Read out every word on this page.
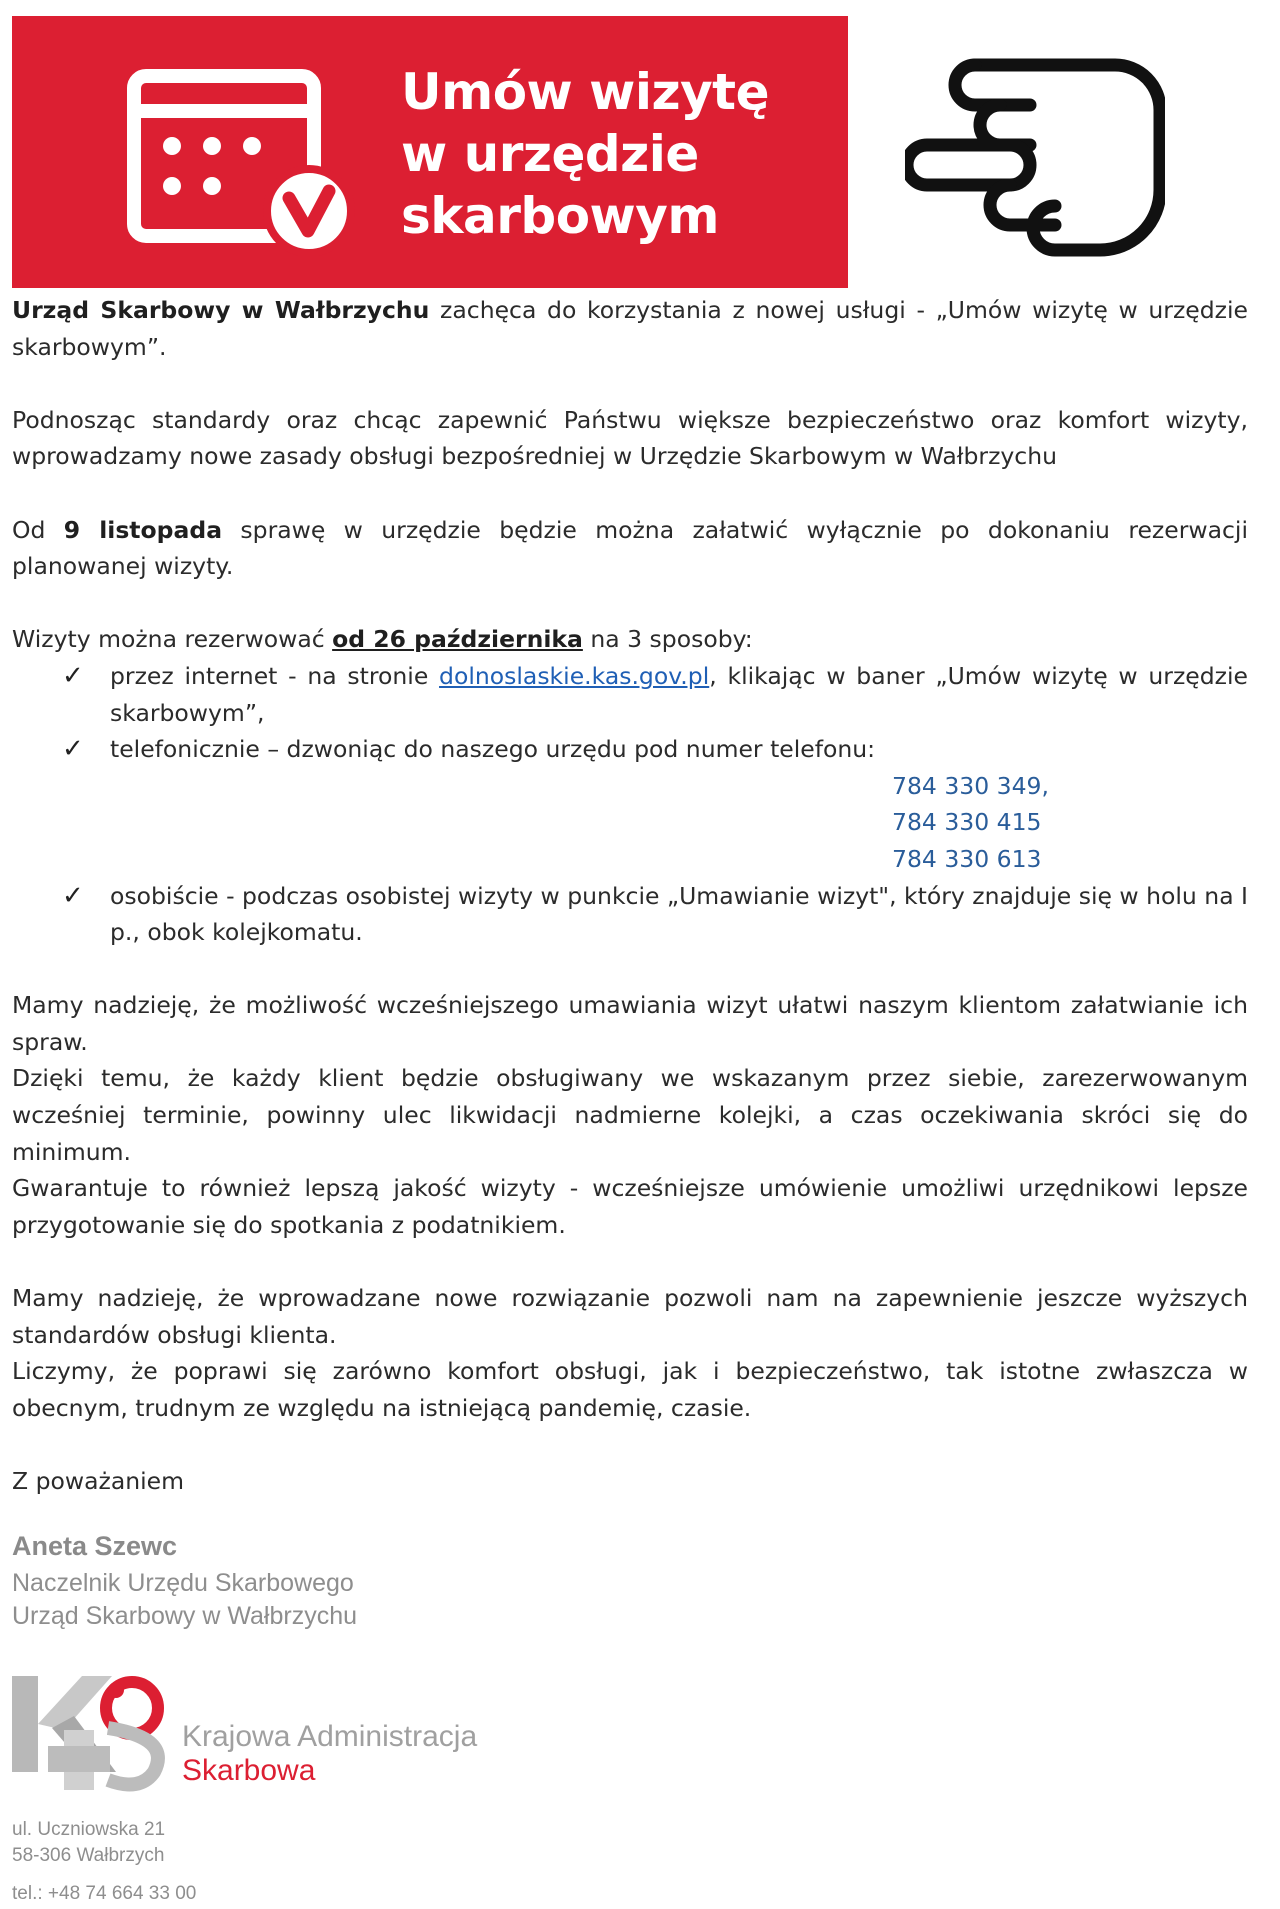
Umów wizytę
w urzędzie
skarbowym

Urząd Skarbowy w Wałbrzychu zachęca do korzystania z nowej usługi - „Umów wizytę w urzędzie skarbowym”.

Podnosząc standardy oraz chcąc zapewnić Państwu większe bezpieczeństwo oraz komfort wizyty, wprowadzamy nowe zasady obsługi bezpośredniej w Urzędzie Skarbowym w Wałbrzychu

Od 9 listopada sprawę w urzędzie będzie można załatwić wyłącznie po dokonaniu rezerwacji planowanej wizyty.

Wizyty można rezerwować od 26 października na 3 sposoby:

✓ przez internet - na stronie dolnoslaskie.kas.gov.pl, klikając w baner „Umów wizytę w urzędzie skarbowym”,
✓ telefonicznie – dzwoniąc do naszego urzędu pod numer telefonu:
784 330 349,
784 330 415
784 330 613
✓ osobiście - podczas osobistej wizyty w punkcie „Umawianie wizyt", który znajduje się w holu na I p., obok kolejkomatu.

Mamy nadzieję, że możliwość wcześniejszego umawiania wizyt ułatwi naszym klientom załatwianie ich spraw.

Dzięki temu, że każdy klient będzie obsługiwany we wskazanym przez siebie, zarezerwowanym wcześniej terminie, powinny ulec likwidacji nadmierne kolejki, a czas oczekiwania skróci się do minimum.

Gwarantuje to również lepszą jakość wizyty - wcześniejsze umówienie umożliwi urzędnikowi lepsze przygotowanie się do spotkania z podatnikiem.

Mamy nadzieję, że wprowadzane nowe rozwiązanie pozwoli nam na zapewnienie jeszcze wyższych standardów obsługi klienta.

Liczymy, że poprawi się zarówno komfort obsługi, jak i bezpieczeństwo, tak istotne zwłaszcza w obecnym, trudnym ze względu na istniejącą pandemię, czasie.

Z poważaniem

Aneta Szewc
Naczelnik Urzędu Skarbowego
Urząd Skarbowy w Wałbrzychu
Krajowa Administracja
Skarbowa
ul. Uczniowska 21
58-306 Wałbrzych
tel.: +48 74 664 33 00
